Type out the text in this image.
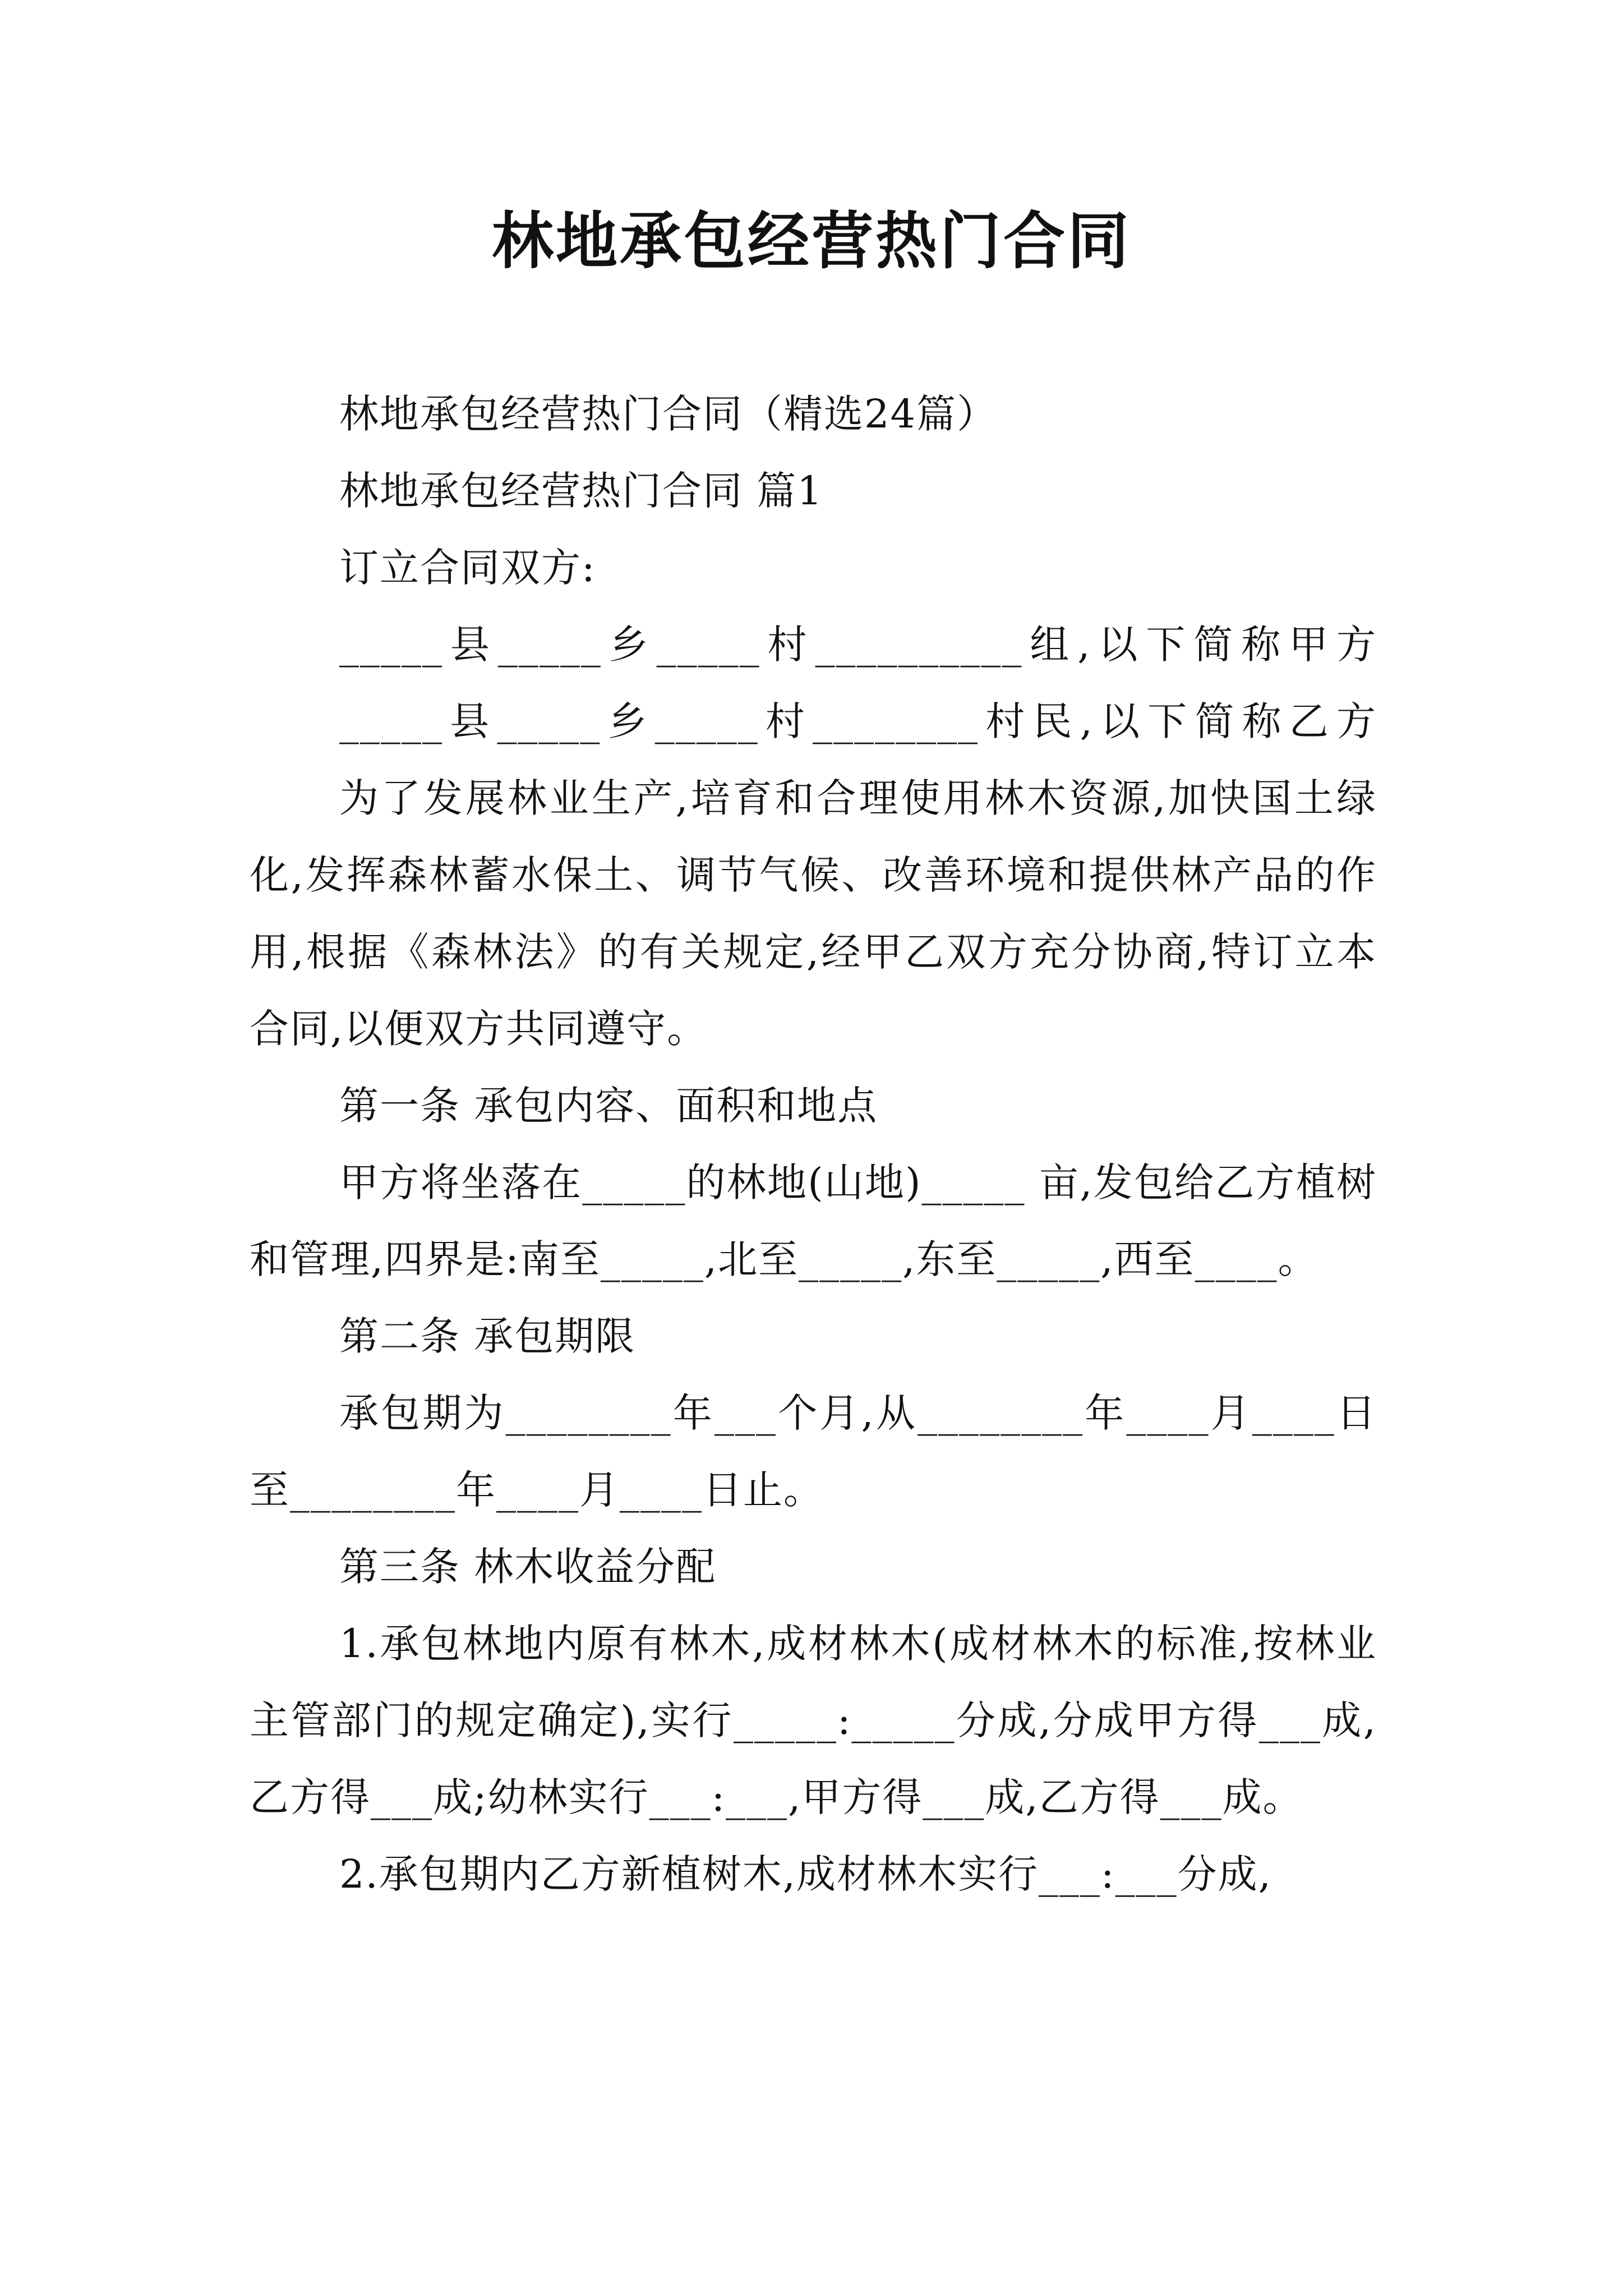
林地承包经营热门合同

林地承包经营热门合同（精选24篇）

林地承包经营热门合同 篇1

订立合同双方:

_____县_____乡_____村__________组,以下简称甲方

_____县_____乡_____村________村民,以下简称乙方

为了发展林业生产,培育和合理使用林木资源,加快国土绿化,发挥森林蓄水保土、调节气候、改善环境和提供林产品的作用,根据《森林法》的有关规定,经甲乙双方充分协商,特订立本合同,以便双方共同遵守。

第一条 承包内容、面积和地点

甲方将坐落在_____的林地(山地)_____ 亩,发包给乙方植树和管理,四界是:南至_____,北至_____,东至_____,西至____。

第二条 承包期限

承包期为________年___个月,从________年____月____日至________年____月____日止。

第三条 林木收益分配

1.承包林地内原有林木,成材林木(成材林木的标准,按林业主管部门的规定确定),实行_____:_____分成,分成甲方得___成,乙方得___成;幼林实行___:___,甲方得___成,乙方得___成。

2.承包期内乙方新植树木,成材林木实行___:___分成,
